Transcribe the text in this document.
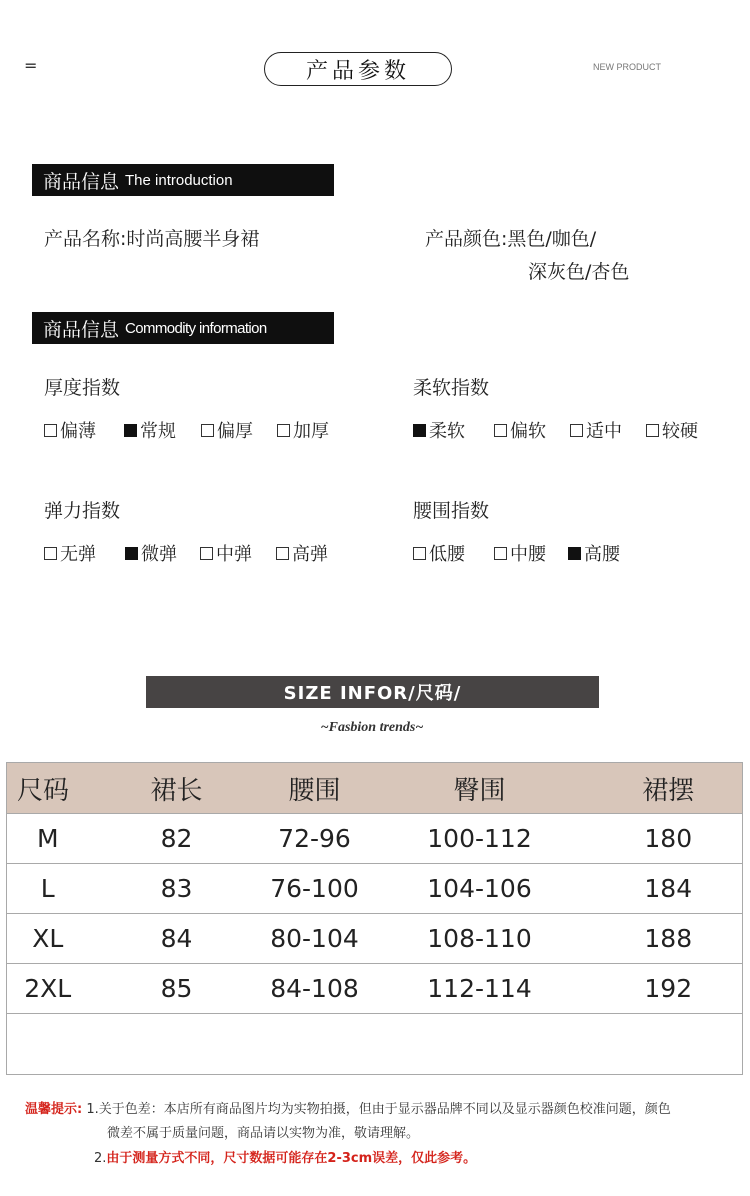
=	产品参数	NEW PRODUCT
商品信息 The introduction
产品名称:时尚高腰半身裙	产品颜色:黑色/咖色/
深灰色/杏色
商品信息 Commodity information
厚度指数
偏薄 常规 偏厚 加厚
柔软指数
柔软	偏软 适中 较硬
弹力指数
无弹	微弹 中弹 高弹
腰围指数
低腰	中腰 高腰
SIZE INFOR/尺码/
~Fasbion trends~
尺码	裙长	腰围	臀围	裙摆
M	82	72-96	100-112	180
L	83	76-100	104-106	184
XL	84	80-104	108-110	188
2XL	85	84-108	112-114	192

温馨提示: 1.关于色差：本店所有商品图片均为实物拍摄，但由于显示器品牌不同以及显示器颜色校准问题，颜色
微差不属于质量问题，商品请以实物为准，敬请理解。
2.由于测量方式不同，尺寸数据可能存在2-3cm误差，仅此参考。
